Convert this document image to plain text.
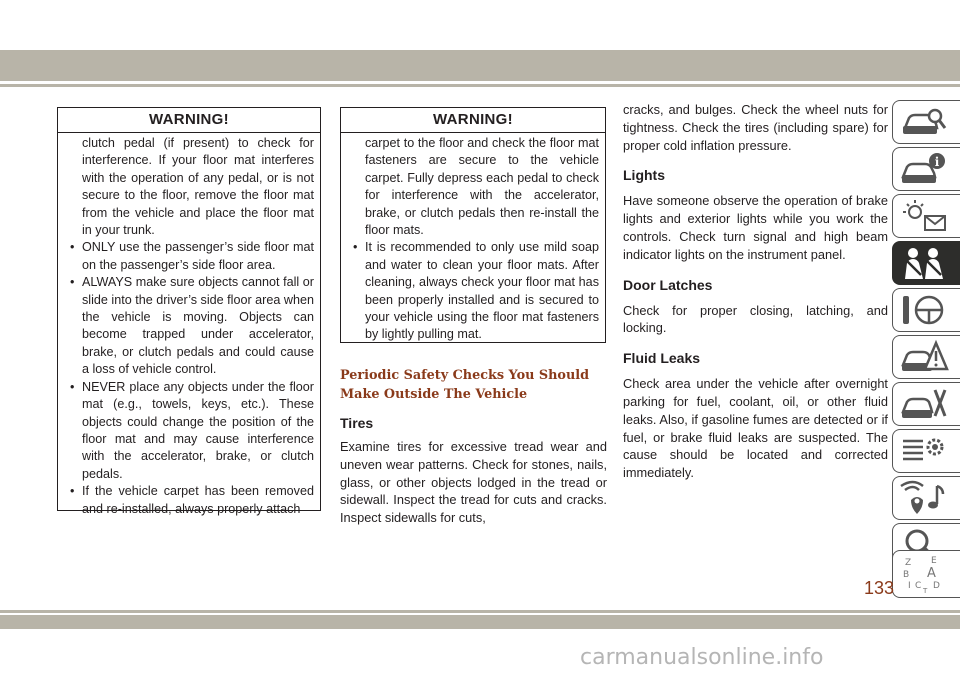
WARNING!
clutch pedal (if present) to check for interference. If your floor mat interferes with the operation of any pedal, or is not secure to the floor, remove the floor mat from the vehicle and place the floor mat in your trunk.
• ONLY use the passenger’s side floor mat on the passenger’s side floor area.
• ALWAYS make sure objects cannot fall or slide into the driver’s side floor area when the vehicle is moving. Objects can become trapped under accelerator, brake, or clutch pedals and could cause a loss of vehicle control.
• NEVER place any objects under the floor mat (e.g., towels, keys, etc.). These objects could change the position of the floor mat and may cause interference with the accelerator, brake, or clutch pedals.
• If the vehicle carpet has been removed and re-installed, always properly attach
WARNING!
carpet to the floor and check the floor mat fasteners are secure to the vehicle carpet. Fully depress each pedal to check for interference with the accelerator, brake, or clutch pedals then re-install the floor mats.
• It is recommended to only use mild soap and water to clean your floor mats. After cleaning, always check your floor mat has been properly installed and is secured to your vehicle using the floor mat fasteners by lightly pulling mat.
Periodic Safety Checks You Should Make Outside The Vehicle
Tires

Examine tires for excessive tread wear and uneven wear patterns. Check for stones, nails, glass, or other objects lodged in the tread or sidewall. Inspect the tread for cuts and cracks. Inspect sidewalls for cuts,

cracks, and bulges. Check the wheel nuts for tightness. Check the tires (including spare) for proper cold inflation pressure.

Lights

Have someone observe the operation of brake lights and exterior lights while you work the controls. Check turn signal and high beam indicator lights on the instrument panel.

Door Latches

Check for proper closing, latching, and locking.

Fluid Leaks

Check area under the vehicle after overnight parking for fuel, coolant, oil, or other fluid leaks. Also, if gasoline fumes are detected or if fuel, or brake fluid leaks are suspected. The cause should be located and corrected immediately.

i
Z E
B A
I C D
T
133
carmanualsonline.info
